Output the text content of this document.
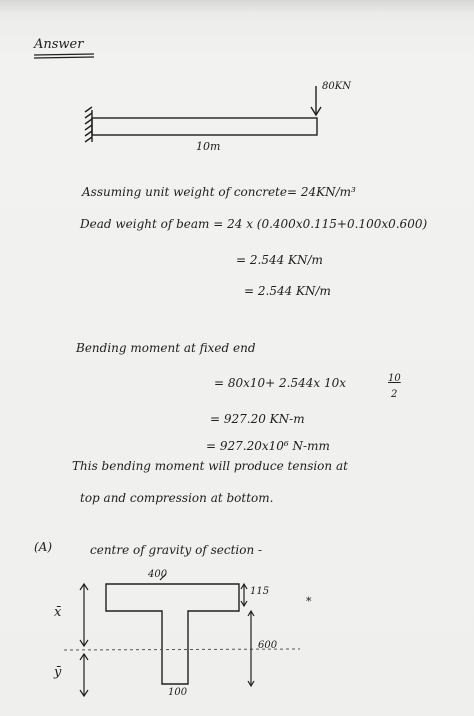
Answer
80KN
10m
Assuming unit weight of concrete= 24KN/m³
Dead weight of beam = 24 x (0.400x0.115+0.100x0.600)
= 2.544 KN/m
= 2.544 KN/m
Bending moment at fixed end
= 80x10+ 2.544x 10x	10
2
= 927.20 KN-m
= 927.20x10⁶ N-mm
This bending moment will produce tension at
top and compression at bottom.
(A)	centre of gravity of section -
400
115
600
100
x̄
ȳ
*
